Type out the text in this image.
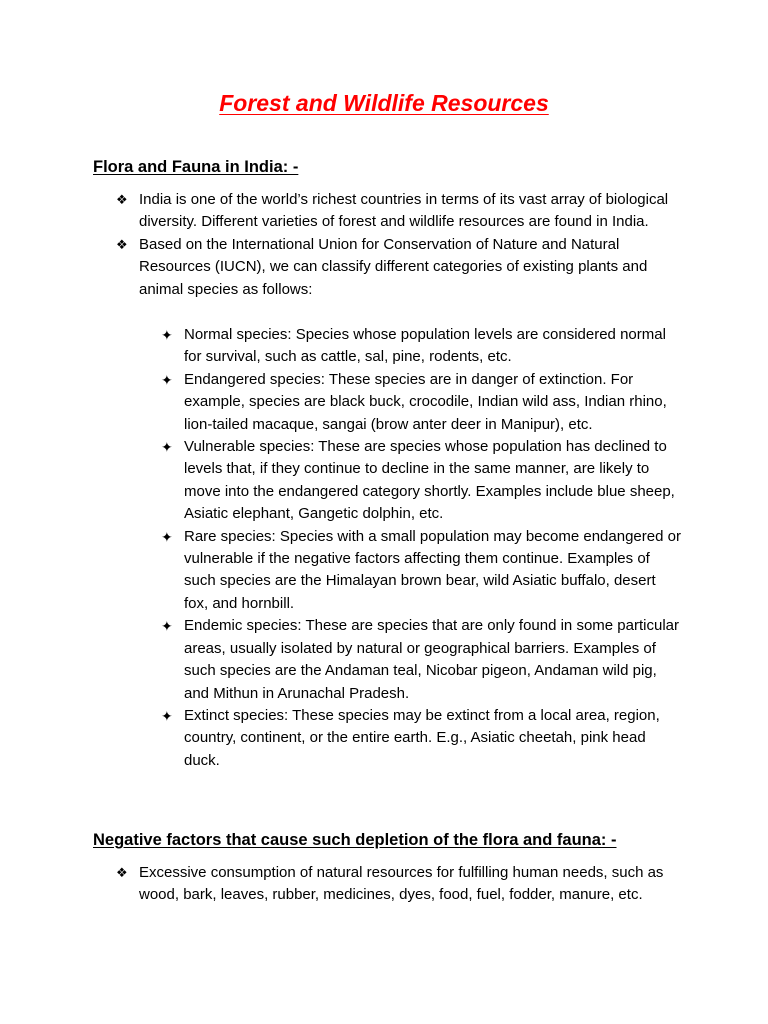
Forest and Wildlife Resources
Flora and Fauna in India: -
❖ India is one of the world’s richest countries in terms of its vast array of biological diversity. Different varieties of forest and wildlife resources are found in India.
❖ Based on the International Union for Conservation of Nature and Natural Resources (IUCN), we can classify different categories of existing plants and animal species as follows:
✦ Normal species: Species whose population levels are considered normal for survival, such as cattle, sal, pine, rodents, etc.
✦ Endangered species: These species are in danger of extinction. For example, species are black buck, crocodile, Indian wild ass, Indian rhino, lion-tailed macaque, sangai (brow anter deer in Manipur), etc.
✦ Vulnerable species: These are species whose population has declined to levels that, if they continue to decline in the same manner, are likely to move into the endangered category shortly. Examples include blue sheep, Asiatic elephant, Gangetic dolphin, etc.
✦ Rare species: Species with a small population may become endangered or vulnerable if the negative factors affecting them continue. Examples of such species are the Himalayan brown bear, wild Asiatic buffalo, desert fox, and hornbill.
✦ Endemic species: These are species that are only found in some particular areas, usually isolated by natural or geographical barriers. Examples of such species are the Andaman teal, Nicobar pigeon, Andaman wild pig, and Mithun in Arunachal Pradesh.
✦ Extinct species: These species may be extinct from a local area, region, country, continent, or the entire earth. E.g., Asiatic cheetah, pink head duck.
Negative factors that cause such depletion of the flora and fauna: -
❖ Excessive consumption of natural resources for fulfilling human needs, such as wood, bark, leaves, rubber, medicines, dyes, food, fuel, fodder, manure, etc.
